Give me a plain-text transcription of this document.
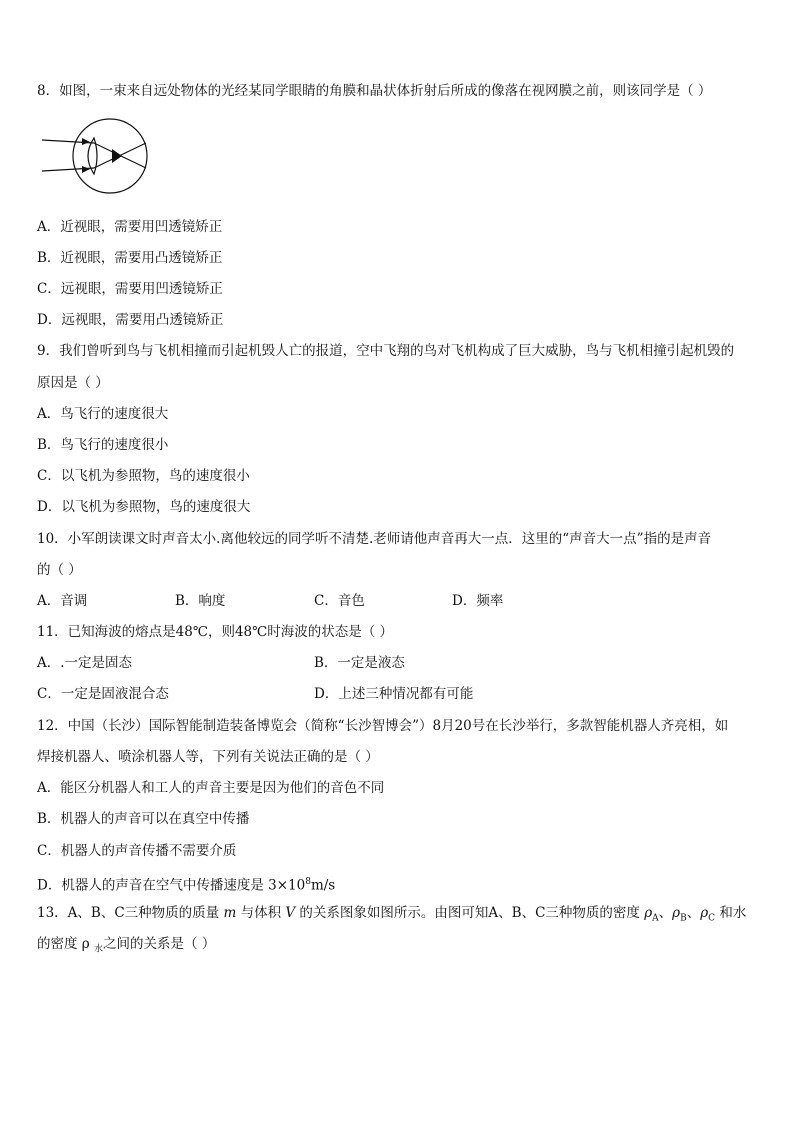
8．如图，一束来自远处物体的光经某同学眼睛的角膜和晶状体折射后所成的像落在视网膜之前，则该同学是（ ）
A．近视眼，需要用凹透镜矫正
B．近视眼，需要用凸透镜矫正
C．远视眼，需要用凹透镜矫正
D．远视眼，需要用凸透镜矫正
9．我们曾听到鸟与飞机相撞而引起机毁人亡的报道，空中飞翔的鸟对飞机构成了巨大威胁，鸟与飞机相撞引起机毁的
原因是（ ）
A．鸟飞行的速度很大
B．鸟飞行的速度很小
C．以飞机为参照物，鸟的速度很小
D．以飞机为参照物，鸟的速度很大
10．小军朗读课文时声音太小.离他较远的同学听不清楚.老师请他声音再大一点．这里的“声音大一点”指的是声音
的（ ）
A．音调	B．响度	C．音色	D．频率
11．已知海波的熔点是48℃，则48℃时海波的状态是（ ）
A．.一定是固态	B．一定是液态
C．一定是固液混合态	D．上述三种情况都有可能
12．中国（长沙）国际智能制造装备博览会（简称“长沙智博会”）8月20号在长沙举行，多款智能机器人齐亮相，如
焊接机器人、喷涂机器人等，下列有关说法正确的是（ ）
A．能区分机器人和工人的声音主要是因为他们的音色不同
B．机器人的声音可以在真空中传播
C．机器人的声音传播不需要介质
D．机器人的声音在空气中传播速度是 $3\times 10^8m/s$
13．A、B、C三种物质的质量 m 与体积 V 的关系图象如图所示。由图可知A、B、C三种物质的密度 $\rho_A$、$\rho_B$、$\rho_C$ 和水
的密度 ρ $_水$之间的关系是（ ）
